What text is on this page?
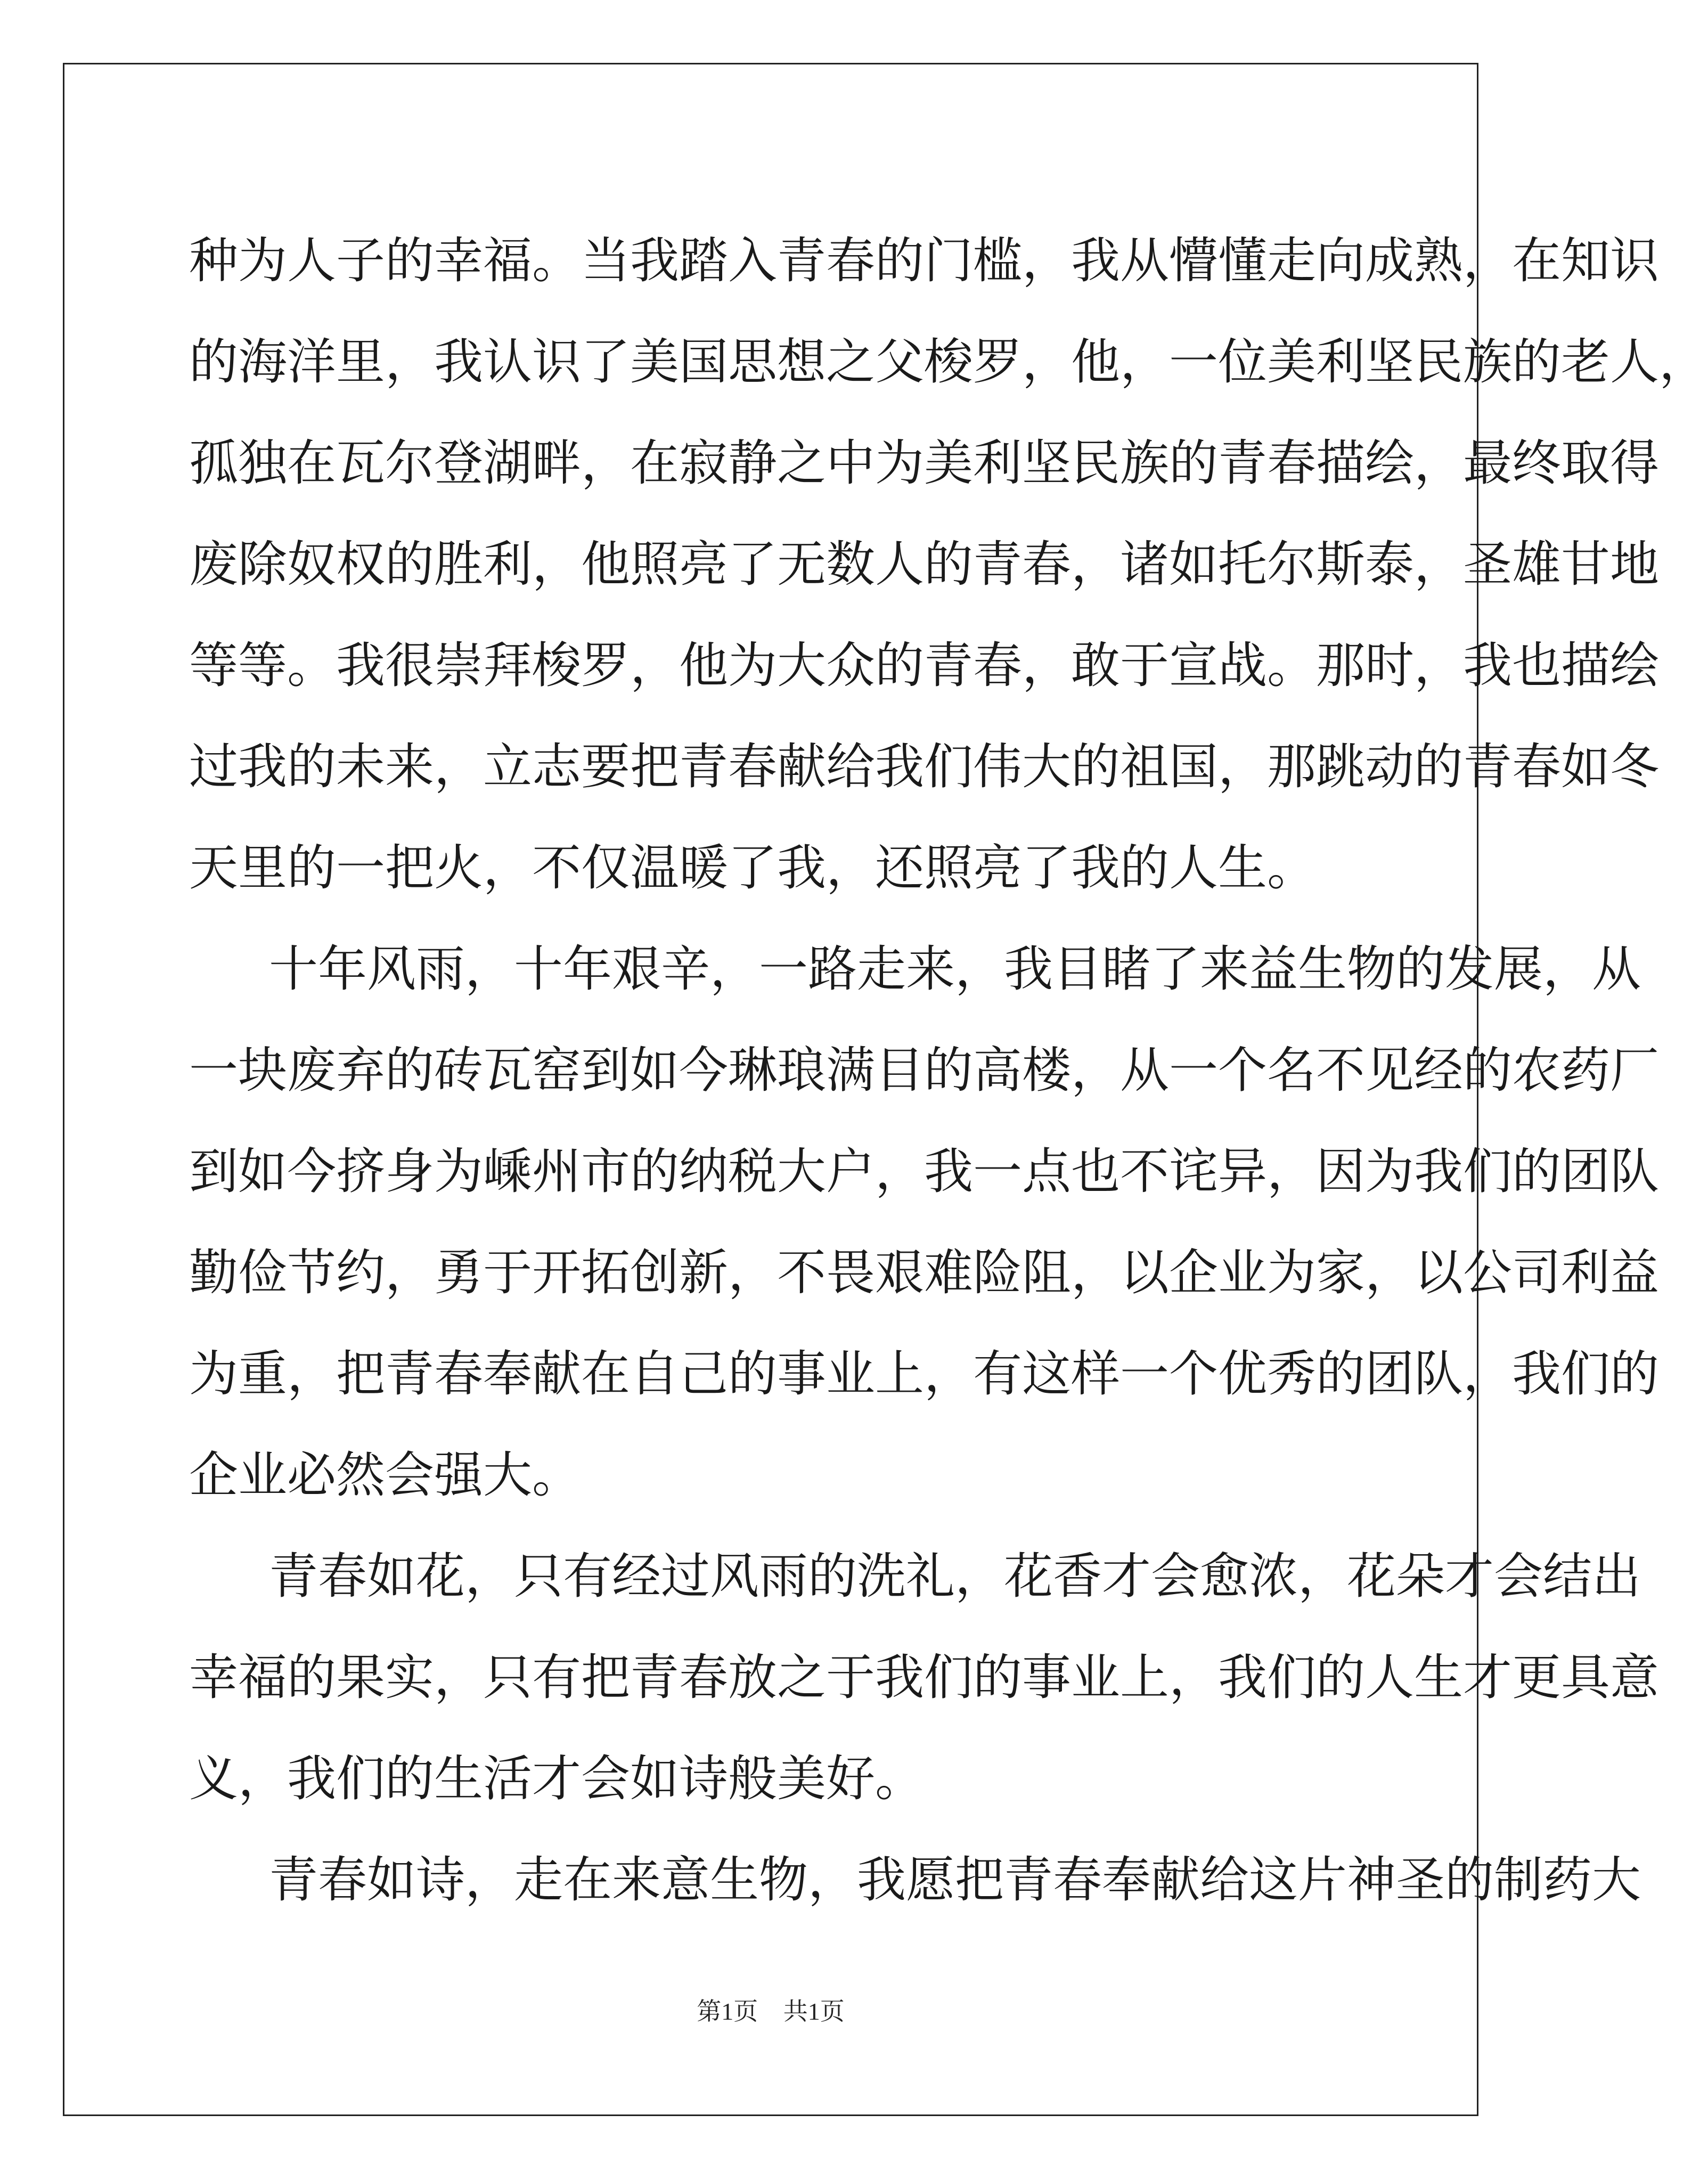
种为人子的幸福。当我踏入青春的门槛，我从懵懂走向成熟，在知识
的海洋里，我认识了美国思想之父梭罗，他，一位美利坚民族的老人，
孤独在瓦尔登湖畔，在寂静之中为美利坚民族的青春描绘，最终取得
废除奴权的胜利，他照亮了无数人的青春，诸如托尔斯泰，圣雄甘地
等等。我很崇拜梭罗，他为大众的青春，敢于宣战。那时，我也描绘
过我的未来，立志要把青春献给我们伟大的祖国，那跳动的青春如冬
天里的一把火，不仅温暖了我，还照亮了我的人生。
十年风雨，十年艰辛，一路走来，我目睹了来益生物的发展，从
一块废弃的砖瓦窑到如今琳琅满目的高楼，从一个名不见经的农药厂
到如今挤身为嵊州市的纳税大户，我一点也不诧异，因为我们的团队
勤俭节约，勇于开拓创新，不畏艰难险阻，以企业为家，以公司利益
为重，把青春奉献在自己的事业上，有这样一个优秀的团队，我们的
企业必然会强大。
青春如花，只有经过风雨的洗礼，花香才会愈浓，花朵才会结出
幸福的果实，只有把青春放之于我们的事业上，我们的人生才更具意
义，我们的生活才会如诗般美好。
青春如诗，走在来意生物，我愿把青春奉献给这片神圣的制药大
第1页 共1页
